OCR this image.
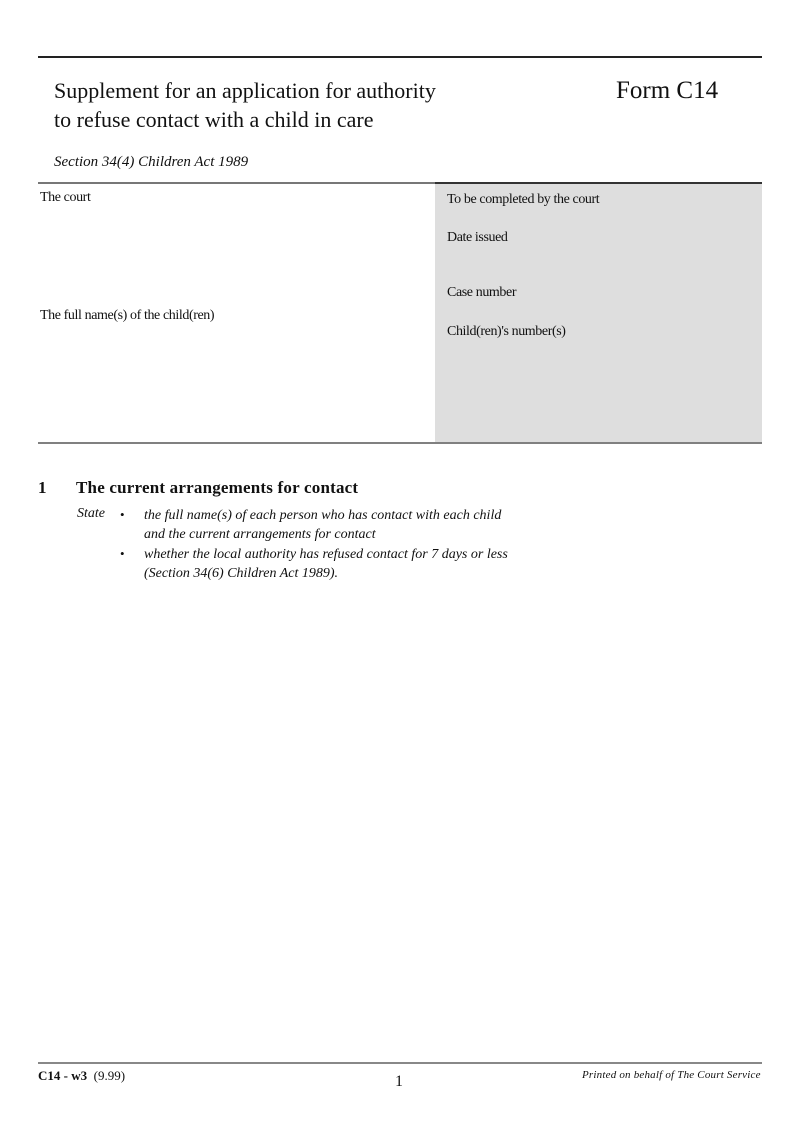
Supplement for an application for authority
to refuse contact with a child in care
Form C14
Section 34(4) Children Act 1989
The court
The full name(s) of the child(ren)
To be completed by the court
Date issued
Case number
Child(ren)'s number(s)
1 The current arrangements for contact
State • the full name(s) of each person who has contact with each child
and the current arrangements for contact
• whether the local authority has refused contact for 7 days or less
(Section 34(6) Children Act 1989).
C14 - w3 (9.99)	1	Printed on behalf of The Court Service
